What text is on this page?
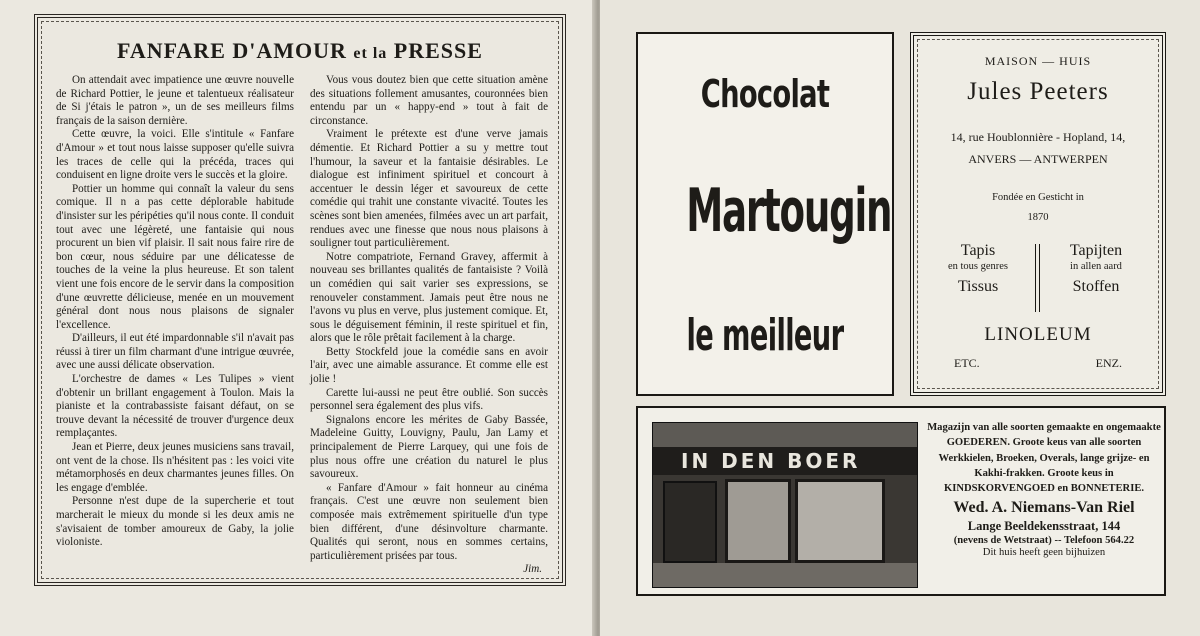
FANFARE D'AMOUR et la PRESSE

On attendait avec impatience une œuvre nouvelle de Richard Pottier, le jeune et talentueux réalisateur de Si j'étais le patron », un de ses meilleurs films français de la saison dernière.

Cette œuvre, la voici. Elle s'intitule « Fanfare d'Amour » et tout nous laisse supposer qu'elle suivra les traces de celle qui la précéda, traces qui conduisent en ligne droite vers le succès et la gloire.

Pottier un homme qui connaît la valeur du sens comique. Il n a pas cette déplorable habitude d'insister sur les péripéties qu'il nous conte. Il conduit tout avec une légèreté, une fantaisie qui nous procurent un bien vif plaisir. Il sait nous faire rire de bon cœur, nous séduire par une délicatesse de touches de la veine la plus heureuse. Et son talent vient une fois encore de le servir dans la composition d'une œuvrette délicieuse, menée en un mouvement général dont nous nous plaisons de signaler l'excellence.

D'ailleurs, il eut été impardonnable s'il n'avait pas réussi à tirer un film charmant d'une intrigue œuvrée, avec une aussi délicate observation.

L'orchestre de dames « Les Tulipes » vient d'obtenir un brillant engagement à Toulon. Mais la pianiste et la contrabassiste faisant défaut, on se trouve devant la nécessité de trouver d'urgence deux remplaçantes.

Jean et Pierre, deux jeunes musiciens sans travail, ont vent de la chose. Ils n'hésitent pas : les voici vite métamorphosés en deux charmantes jeunes filles. On les engage d'emblée.

Personne n'est dupe de la supercherie et tout marcherait le mieux du monde si les deux amis ne s'avisaient de tomber amoureux de Gaby, la jolie violoniste.

Vous vous doutez bien que cette situation amène des situations follement amusantes, couronnées bien entendu par un « happy-end » tout à fait de circonstance.

Vraiment le prétexte est d'une verve jamais démentie. Et Richard Pottier a su y mettre tout l'humour, la saveur et la fantaisie désirables. Le dialogue est infiniment spirituel et concourt à accentuer le dessin léger et savoureux de cette comédie qui trahit une constante vivacité. Toutes les scènes sont bien amenées, filmées avec un art parfait, rendues avec une finesse que nous nous plaisons à souligner tout particulièrement.

Notre compatriote, Fernand Gravey, affermit à nouveau ses brillantes qualités de fantaisiste ? Voilà un comédien qui sait varier ses expressions, se renouveler constamment. Jamais peut être nous ne l'avons vu plus en verve, plus justement comique. Et, sous le déguisement féminin, il reste spirituel et fin, alors que le rôle prêtait facilement à la charge.

Betty Stockfeld joue la comédie sans en avoir l'air, avec une aimable assurance. Et comme elle est jolie !

Carette lui-aussi ne peut être oublié. Son succès personnel sera également des plus vifs.

Signalons encore les mérites de Gaby Bassée, Madeleine Guitty, Louvigny, Paulu, Jan Lamy et principalement de Pierre Larquey, qui une fois de plus nous offre une création du naturel le plus savoureux.

« Fanfare d'Amour » fait honneur au cinéma français. C'est une œuvre non seulement bien composée mais extrêmement spirituelle d'un type bien différent, d'une désinvolture charmante. Qualités qui seront, nous en sommes certains, particulièrement prisées par tous.

Jim.
Chocolat
Martougin
le meilleur
MAISON — HUIS
Jules Peeters
14, rue Houblonnière - Hopland, 14,
ANVERS — ANTWERPEN
Fondée en Gesticht in
1870
Tapis
en tous genres
Tissus
Tapijten
in allen aard
Stoffen
LINOLEUM
ETC.	ENZ.
IN DEN BOER
Magazijn van alle soorten gemaakte en ongemaakte GOEDEREN. Groote keus van alle soorten Werkkielen, Broeken, Overals, lange grijze- en Kakhi-frakken. Groote keus in KINDSKORVENGOED en BONNETERIE.
Wed. A. Niemans-Van Riel
Lange Beeldekensstraat, 144
(nevens de Wetstraat) -- Telefoon 564.22
Dit huis heeft geen bijhuizen
